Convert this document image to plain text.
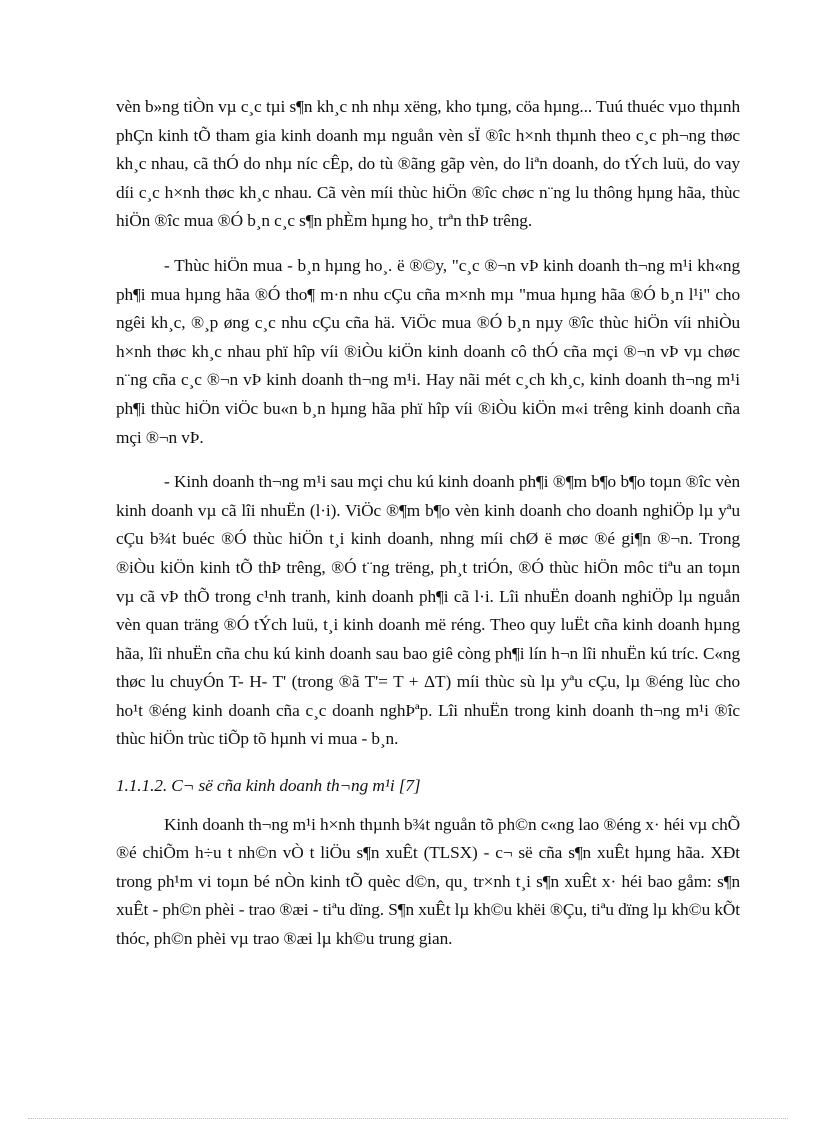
vèn b»ng tiÒn vµ c¸c tµi s¶n kh¸c nh nhµ xëng, kho tµng, cöa hµng... Tuú thuéc vµo thµnh phÇn kinh tÕ tham gia kinh doanh mµ nguån vèn sÏ ®îc h×nh thµnh theo c¸c ph¬ng thøc kh¸c nhau, cã thÓ do nhµ níc cÊp, do tù ®ãng gãp vèn, do liªn doanh, do tÝch luü, do vay díi c¸c h×nh thøc kh¸c nhau. Cã vèn míi thùc hiÖn ®îc chøc n¨ng lu thông hµng hãa, thùc hiÖn ®îc mua ®Ó b¸n c¸c s¶n phÈm hµng ho¸ trªn thÞ trêng.

- Thùc hiÖn mua - b¸n hµng ho¸. ë ®©y, "c¸c ®¬n vÞ kinh doanh th¬ng m¹i kh«ng ph¶i mua hµng hãa ®Ó tho¶ m·n nhu cÇu cña m×nh mµ "mua hµng hãa ®Ó b¸n l¹i" cho ngêi kh¸c, ®¸p øng c¸c nhu cÇu cña hä. ViÖc mua ®Ó b¸n nµy ®îc thùc hiÖn víi nhiÒu h×nh thøc kh¸c nhau phï hîp víi ®iÒu kiÖn kinh doanh cô thÓ cña mçi ®¬n vÞ vµ chøc n¨ng cña c¸c ®¬n vÞ kinh doanh th¬ng m¹i. Hay nãi mét c¸ch kh¸c, kinh doanh th¬ng m¹i ph¶i thùc hiÖn viÖc bu«n b¸n hµng hãa phï hîp víi ®iÒu kiÖn m«i trêng kinh doanh cña mçi ®¬n vÞ.

- Kinh doanh th¬ng m¹i sau mçi chu kú kinh doanh ph¶i ®¶m b¶o b¶o toµn ®îc vèn kinh doanh vµ cã lîi nhuËn (l·i). ViÖc ®¶m b¶o vèn kinh doanh cho doanh nghiÖp lµ yªu cÇu b¾t buéc ®Ó thùc hiÖn t¸i kinh doanh, nhng míi chØ ë møc ®é gi¶n ®¬n. Trong ®iÒu kiÖn kinh tÕ thÞ trêng, ®Ó t¨ng trëng, ph¸t triÓn, ®Ó thùc hiÖn môc tiªu an toµn vµ cã vÞ thÕ trong c¹nh tranh, kinh doanh ph¶i cã l·i. Lîi nhuËn doanh nghiÖp lµ nguån vèn quan träng ®Ó tÝch luü, t¸i kinh doanh më réng. Theo quy luËt cña kinh doanh hµng hãa, lîi nhuËn cña chu kú kinh doanh sau bao giê còng ph¶i lín h¬n lîi nhuËn kú tríc. C«ng thøc lu chuyÓn T- H- T' (trong ®ã T'= T + ΔT) míi thùc sù lµ yªu cÇu, lµ ®éng lùc cho ho¹t ®éng kinh doanh cña c¸c doanh nghÞªp. Lîi nhuËn trong kinh doanh th¬ng m¹i ®îc thùc hiÖn trùc tiÕp tõ hµnh vi mua - b¸n.

1.1.1.2. C¬ së cña kinh doanh th¬ng m¹i [7]

Kinh doanh th¬ng m¹i h×nh thµnh b¾t nguån tõ ph©n c«ng lao ®éng x· héi vµ chÕ ®é chiÕm h÷u t nh©n vÒ t liÖu s¶n xuÊt (TLSX) - c¬ së cña s¶n xuÊt hµng hãa. XÐt trong ph¹m vi toµn bé nÒn kinh tÕ quèc d©n, qu¸ tr×nh t¸i s¶n xuÊt x· héi bao gåm: s¶n xuÊt - ph©n phèi - trao ®æi - tiªu dïng. S¶n xuÊt lµ kh©u khëi ®Çu, tiªu dïng lµ kh©u kÕt thóc, ph©n phèi vµ trao ®æi lµ kh©u trung gian.
